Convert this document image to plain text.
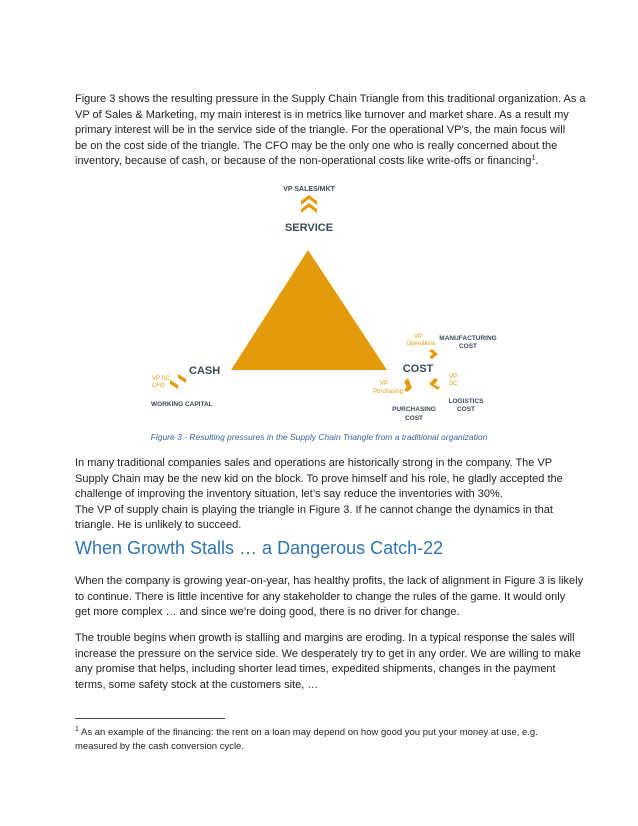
Figure 3 shows the resulting pressure in the Supply Chain Triangle from this traditional organization. As a
VP of Sales & Marketing, my main interest is in metrics like turnover and market share. As a result my
primary interest will be in the service side of the triangle. For the operational VP’s, the main focus will
be on the cost side of the triangle. The CFO may be the only one who is really concerned about the
inventory, because of cash, or because of the non-operational costs like write-offs or financing$^1$.

VP SALES/MKT
SERVICE
VP SC
CFO
CASH
WORKING CAPITAL
VP
Operations
MANUFACTURING
COST
COST
VP
SC
VP
Purchasing
LOGISTICS
COST
PURCHASING
COST
Figure 3 - Resulting pressures in the Supply Chain Triangle from a traditional organization

In many traditional companies sales and operations are historically strong in the company. The VP
Supply Chain may be the new kid on the block. To prove himself and his role, he gladly accepted the
challenge of improving the inventory situation, let’s say reduce the inventories with 30%.
The VP of supply chain is playing the triangle in Figure 3. If he cannot change the dynamics in that
triangle. He is unlikely to succeed.

When Growth Stalls … a Dangerous Catch-22

When the company is growing year-on-year, has healthy profits, the lack of alignment in Figure 3 is likely
to continue. There is little incentive for any stakeholder to change the rules of the game. It would only
get more complex … and since we’re doing good, there is no driver for change.

The trouble begins when growth is stalling and margins are eroding. In a typical response the sales will
increase the pressure on the service side. We desperately try to get in any order. We are willing to make
any promise that helps, including shorter lead times, expedited shipments, changes in the payment
terms, some safety stock at the customers site, …

$^1$ As an example of the financing: the rent on a loan may depend on how good you put your money at use, e.g.
measured by the cash conversion cycle.
